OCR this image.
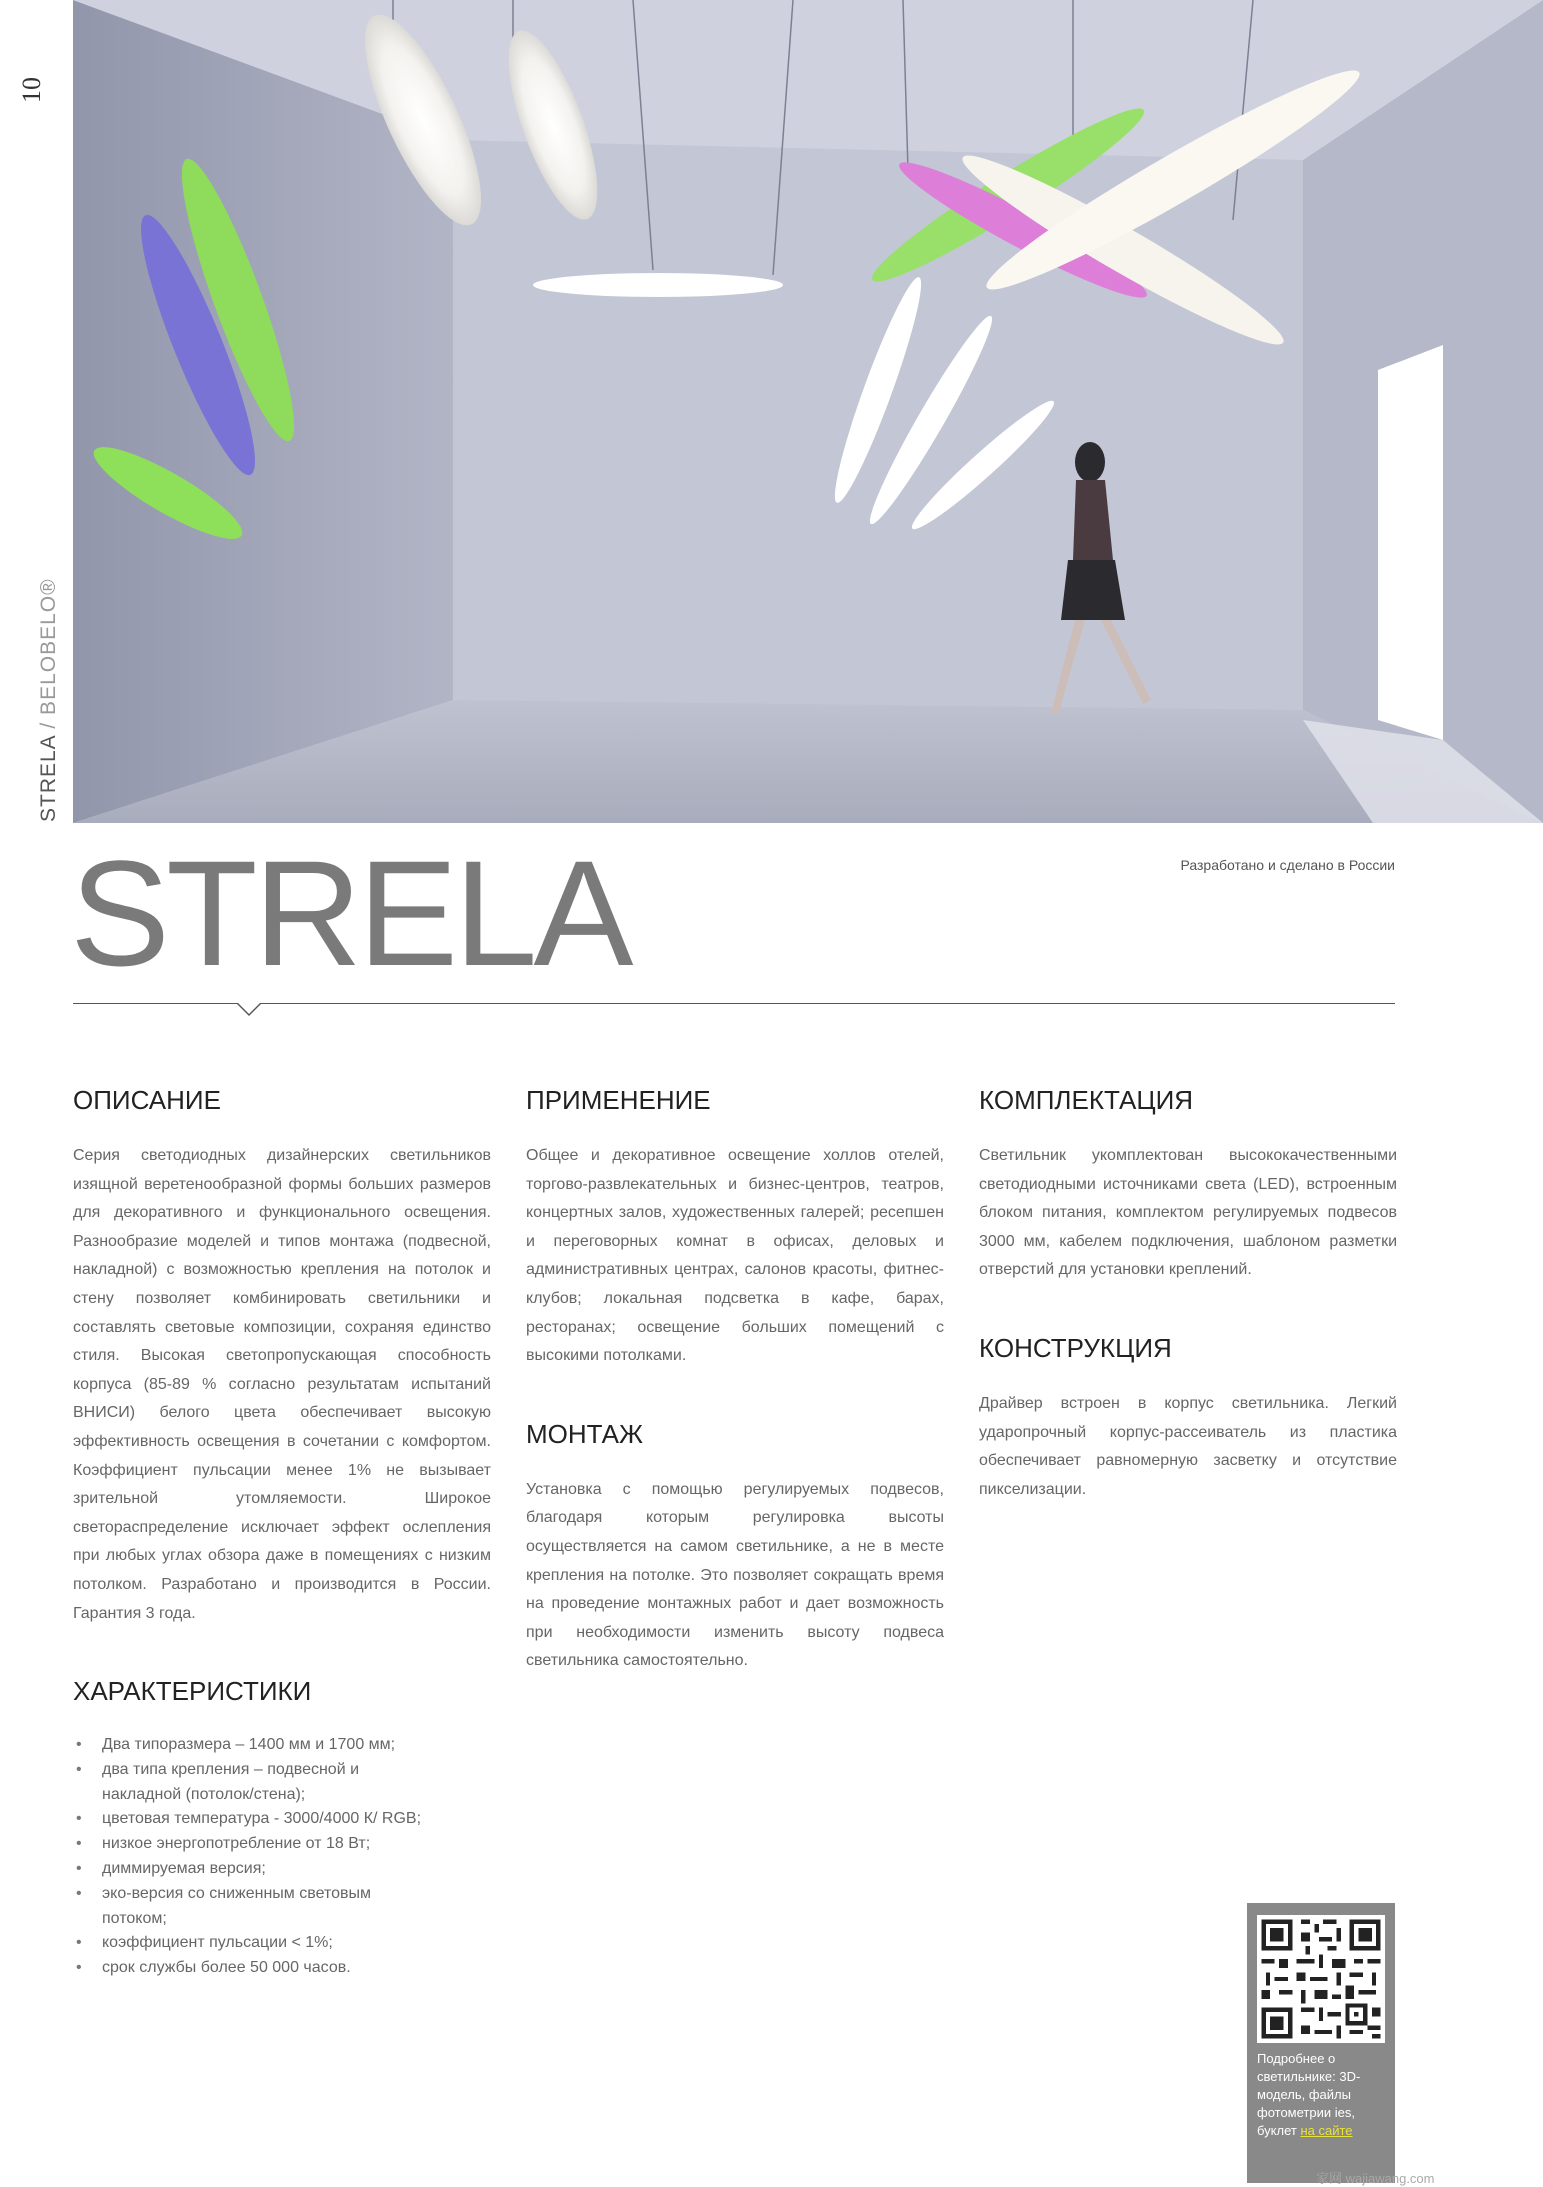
10
STRELA / BELOBELO®
STRELA	Разработано и сделано в России
ОПИСАНИЕ

Серия светодиодных дизайнерских светильников изящной веретенообразной формы больших размеров для декоративного и функционального освещения. Разнообразие моделей и типов монтажа (подвесной, накладной) с возможностью крепления на потолок и стену позволяет комбинировать светильники и составлять световые композиции, сохраняя единство стиля. Высокая светопропускающая способность корпуса (85-89 % согласно результатам испытаний ВНИСИ) белого цвета обеспечивает высокую эффективность освещения в сочетании с комфортом. Коэффициент пульсации менее 1% не вызывает зрительной утомляемости. Широкое светораспределение исключает эффект ослепления при любых углах обзора даже в помещениях с низким потолком. Разработано и производится в России. Гарантия 3 года.

ХАРАКТЕРИСТИКИ
• Два типоразмера – 1400 мм и 1700 мм;
• два типа крепления – подвесной и накладной (потолок/стена);
• цветовая температура - 3000/4000 К/ RGB;
• низкое энергопотребление от 18 Вт;
• диммируемая версия;
• эко-версия со сниженным световым потоком;
• коэффициент пульсации < 1%;
• срок службы более 50 000 часов.
ПРИМЕНЕНИЕ

Общее и декоративное освещение холлов отелей, торгово-развлекательных и бизнес-центров, театров, концертных залов, художественных галерей; ресепшен и переговорных комнат в офисах, деловых и административных центрах, салонов красоты, фитнес-клубов; локальная подсветка в кафе, барах, ресторанах; освещение больших помещений с высокими потолками.

МОНТАЖ

Установка с помощью регулируемых подвесов, благодаря которым регулировка высоты осуществляется на самом светильнике, а не в месте крепления на потолке. Это позволяет сокращать время на проведение монтажных работ и дает возможность при необходимости изменить высоту подвеса светильника самостоятельно.

КОМПЛЕКТАЦИЯ

Светильник укомплектован высококачественными светодиодными источниками света (LED), встроенным блоком питания, комплектом регулируемых подвесов 3000 мм, кабелем подключения, шаблоном разметки отверстий для установки креплений.

КОНСТРУКЦИЯ

Драйвер встроен в корпус светильника. Легкий ударопрочный корпус-рассеиватель из пластика обеспечивает равномерную засветку и отсутствие пикселизации.

Подробнее о светильнике: 3D-модель, файлы фотометрии ies, буклет на сайте
家网 wajiawang.com
